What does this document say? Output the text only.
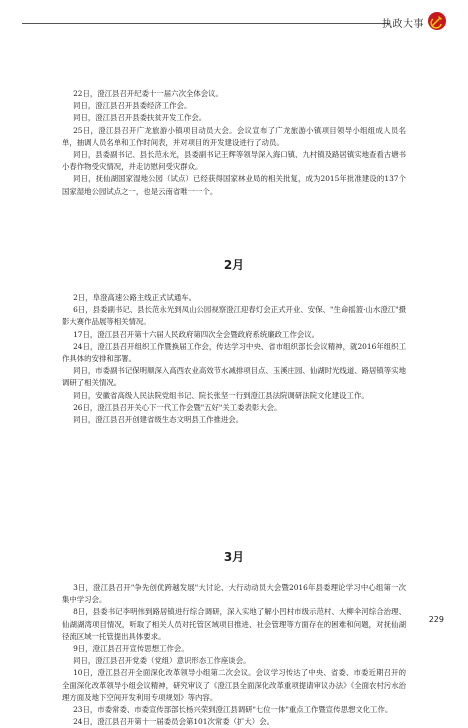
执政大事

22日，澄江县召开纪委十一届六次全体会议。

同日，澄江县召开县委经济工作会。

同日，澄江县召开县委扶贫开发工作会。

25日，澄江县召开广龙旅游小镇项目动员大会。会议宣布了广龙旅游小镇项目领导小组组成人员名单，抽调人员名单和工作时间表，并对项目的开发建设进行了动员。

同日，县委副书记、县长范永光，县委副书记王辉等领导深入海口镇、九村镇及路居镇实地查看古塘书小春作物受灾情况，并走访慰问受灾群众。

同日，抚仙湖国家湿地公园（试点）已经获得国家林业局的相关批复，成为2015年批准建设的137个国家湿地公园试点之一，也是云南省唯一一个。

2月

2日，阜澄高速公路主线正式试通车。

6日，县委副书记、县长范永光到凤山公园视察澄江迎春灯会正式开业、安保、"生命摇篮·山水澄江"摄影大赛作品展等相关情况。

17日，澄江县召开第十六届人民政府第四次全会暨政府系统廉政工作会议。

24日，澄江县召开组织工作暨换届工作会，传达学习中央、省市组织部长会议精神，就2016年组织工作具体的安排和部署。

同日，市委副书记保明顺深入高西农业高效节水减排项目点、玉溪庄园、仙湖时光线道、路居镇等实地调研了相关情况。

同日，安徽省高级人民法院党组书记、院长张坚一行到澄江县法院调研法院文化建设工作。

26日，澄江县召开关心下一代工作会暨"五好"关工委表彰大会。

同日，澄江县召开创建省级生态文明县工作推进会。

3月

3日，澄江县召开"争先创优跨越发展"大讨论、大行动动员大会暨2016年县委理论学习中心组第一次集中学习会。

8日，县委书记李明伟到路居镇进行综合调研，深入实地了解小凹村市级示范村、大柳伞河综合治理、仙湖湖湾项目情况，听取了相关人员对托管区域项目推进、社会管理等方面存在的困难和问题，对抚仙湖径流区域一托管提出具体要求。

9日，澄江县召开宣传思想工作会。

同日，澄江县召开党委（党组）意识形态工作座谈会。

10日，澄江县召开全面深化改革领导小组第二次会议。会议学习传达了中央、省委、市委近期召开的全面深化改革领导小组会议精神，研究审议了《澄江县全面深化改革重项提请审议办法》《全面农村污水治理方面及地下空间开发利用专项规划》等内容。

23日，市委常委、市委宣传部部长杨兴荣到澄江县调研"七位一体"重点工作暨宣传思想文化工作。

24日，澄江县召开第十一届委员会第101次常委（扩大）会。

229
